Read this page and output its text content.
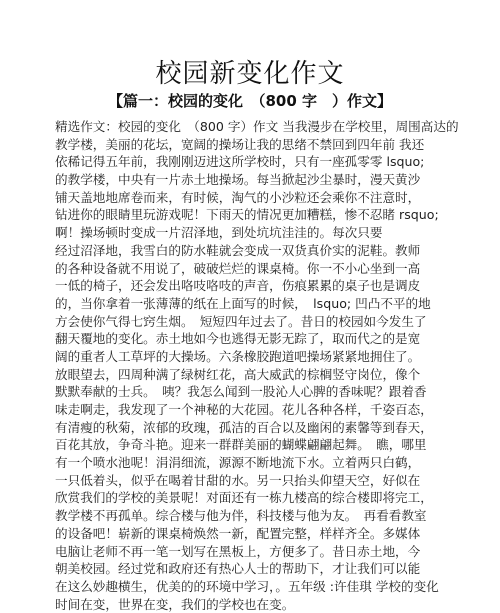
校园新变化作文
【篇一：校园的变化　（800 字　）作文】
精选作文：校园的变化　（800 字）作文 当我漫步在学校里，周围高达的
教学楼，美丽的花坛，宽阔的操场让我的思绪不禁回到四年前 我还
依稀记得五年前，我刚刚迈进这所学校时，只有一座孤零零 lsquo;
的教学楼，中央有一片赤土地操场。每当掀起沙尘暴时，漫天黄沙
铺天盖地地席卷而来，有时候，淘气的小沙粒还会乘你不注意时，
钻进你的眼睛里玩游戏呢！下雨天的情况更加糟糕，惨不忍睹 rsquo;
啊！操场顿时变成一片沼泽地，到处坑坑洼洼的。每次只要
经过沼泽地，我雪白的防水鞋就会变成一双货真价实的泥鞋。教师
的各种设备就不用说了，破破烂烂的课桌椅。你一不小心坐到一高
一低的椅子，还会发出咯吱咯吱的声音，伤痕累累的桌子也是调皮
的，当你拿着一张薄薄的纸在上面写的时候，　lsquo; 凹凸不平的地
方会使你气得七窍生烟。　短短四年过去了。昔日的校园如今发生了
翻天覆地的变化。赤土地如今也逃得无影无踪了，取而代之的是宽
阔的重者人工草坪的大操场。六条橡胶跑道吧操场紧紧地拥住了。
放眼望去，四周种满了绿树红花，高大威武的棕榈竖守岗位，像个
默默奉献的士兵。　咦？我怎么闻到一股沁人心脾的香味呢？跟着香
味走啊走，我发现了一个神秘的大花园。花儿各种各样，千姿百态，
有清瘦的秋菊，浓郁的玫瑰，孤洁的百合以及幽闲的素馨等到春天，
百花其放，争奇斗艳。迎来一群群美丽的蝴蝶翩翩起舞。　瞧，哪里
有一个喷水池呢！涓涓细流，源源不断地流下水。立着两只白鹤，
一只低着头，似乎在喝着甘甜的水。另一只抬头仰望天空，好似在
欣赏我们的学校的美景呢！对面还有一栋九楼高的综合楼即将完工，
教学楼不再孤单。综合楼与他为伴，科技楼与他为友。　再看看教室
的设备吧！崭新的课桌椅焕然一新，配置完整，样样齐全。多媒体
电脑让老师不再一笔一划写在黑板上，方便多了。昔日赤土地，今
朝美校园。经过党和政府还有热心人士的帮助下，才让我们可以能
在这么妙趣横生，优美的的环境中学习，。五年级 :许佳琪 学校的变化
时间在变，世界在变，我们的学校也在变。
